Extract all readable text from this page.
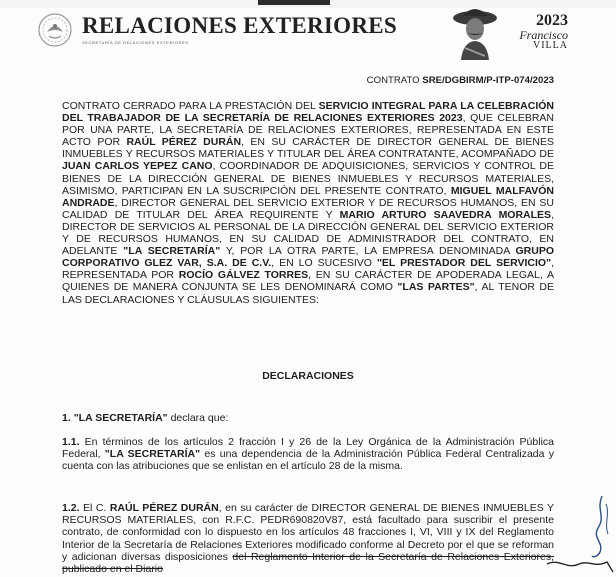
RELACIONES EXTERIORES
SECRETARÍA DE RELACIONES EXTERIORES
2023
Francisco
VILLA
CONTRATO SRE/DGBIRM/P-ITP-074/2023
CONTRATO CERRADO PARA LA PRESTACIÓN DEL SERVICIO INTEGRAL PARA LA CELEBRACIÓN DEL TRABAJADOR DE LA SECRETARÍA DE RELACIONES EXTERIORES 2023, QUE CELEBRAN POR UNA PARTE, LA SECRETARÍA DE RELACIONES EXTERIORES, REPRESENTADA EN ESTE ACTO POR RAÚL PÉREZ DURÁN, EN SU CARÁCTER DE DIRECTOR GENERAL DE BIENES INMUEBLES Y RECURSOS MATERIALES Y TITULAR DEL ÁREA CONTRATANTE, ACOMPAÑADO DE JUAN CARLOS YEPEZ CANO, COORDINADOR DE ADQUISICIONES, SERVICIOS Y CONTROL DE BIENES DE LA DIRECCIÓN GENERAL DE BIENES INMUEBLES Y RECURSOS MATERIALES, ASIMISMO, PARTICIPAN EN LA SUSCRIPCIÓN DEL PRESENTE CONTRATO, MIGUEL MALFAVÓN ANDRADE, DIRECTOR GENERAL DEL SERVICIO EXTERIOR Y DE RECURSOS HUMANOS, EN SU CALIDAD DE TITULAR DEL ÁREA REQUIRENTE Y MARIO ARTURO SAAVEDRA MORALES, DIRECTOR DE SERVICIOS AL PERSONAL DE LA DIRECCIÓN GENERAL DEL SERVICIO EXTERIOR Y DE RECURSOS HUMANOS, EN SU CALIDAD DE ADMINISTRADOR DEL CONTRATO, EN ADELANTE "LA SECRETARÍA" Y, POR LA OTRA PARTE, LA EMPRESA DENOMINADA GRUPO CORPORATIVO GLEZ VAR, S.A. DE C.V., EN LO SUCESIVO "EL PRESTADOR DEL SERVICIO", REPRESENTADA POR ROCÍO GÁLVEZ TORRES, EN SU CARÁCTER DE APODERADA LEGAL, A QUIENES DE MANERA CONJUNTA SE LES DENOMINARÁ COMO "LAS PARTES", AL TENOR DE LAS DECLARACIONES Y CLÁUSULAS SIGUIENTES:
DECLARACIONES
1. "LA SECRETARÍA" declara que:
1.1. En términos de los artículos 2 fracción I y 26 de la Ley Orgánica de la Administración Pública Federal, "LA SECRETARÍA" es una dependencia de la Administración Pública Federal Centralizada y cuenta con las atribuciones que se enlistan en el artículo 28 de la misma.
1.2. El C. RAÚL PÉREZ DURÁN, en su carácter de DIRECTOR GENERAL DE BIENES INMUEBLES Y RECURSOS MATERIALES, con R.F.C. PEDR690820V87, está facultado para suscribir el presente contrato, de conformidad con lo dispuesto en los artículos 48 fracciones I, VI, VIII y IX del Reglamento Interior de la Secretaría de Relaciones Exteriores modificado conforme al Decreto por el que se reforman y adicionan diversas disposiciones del Reglamento Interior de la Secretaría de Relaciones Exteriores, publicado en el Diario
